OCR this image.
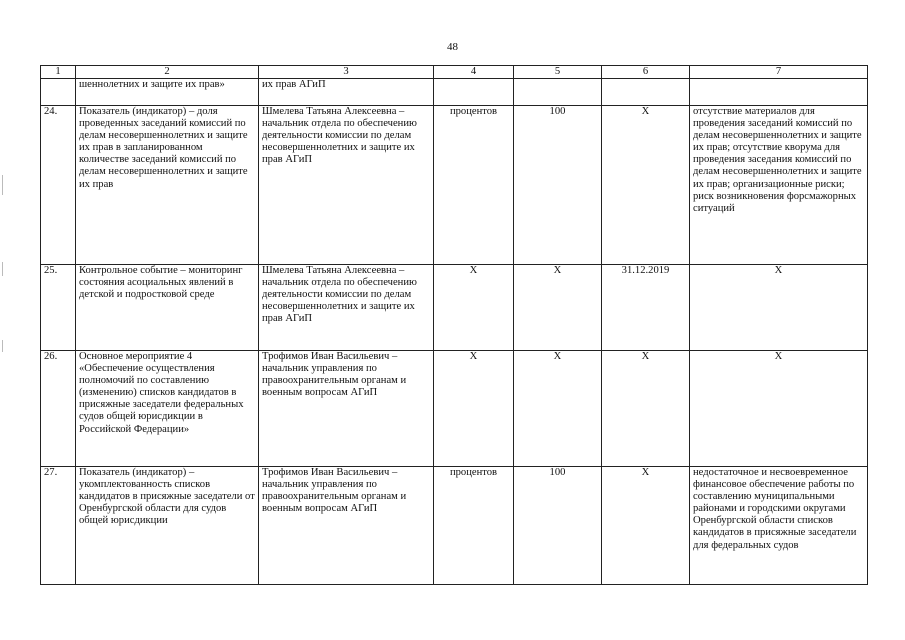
48
1	2	3	4	5	6	7
	шеннолетних и защите их прав»	их прав АГиП				
24.	Показатель (индикатор) – доля проведенных заседаний комиссий по делам несовершеннолетних и защите их прав в запланированном количестве заседаний комиссий по делам несовершеннолетних и защите их прав	Шмелева Татьяна Алексеевна – начальник отдела по обеспечению деятельности комиссии по делам несовершеннолетних и защите их прав АГиП	процентов	100	Х	отсутствие материалов для проведения заседаний комиссий по делам несовершеннолетних и защите их прав; отсутствие кворума для проведения заседания комиссий по делам несовершеннолетних и защите их прав; организационные риски; риск возникновения форсмажорных ситуаций
25.	Контрольное событие – мониторинг состояния асоциальных явлений в детской и подростковой среде	Шмелева Татьяна Алексеевна – начальник отдела по обеспечению деятельности комиссии по делам несовершеннолетних и защите их прав АГиП	Х	Х	31.12.2019	Х
26.	Основное мероприятие 4 «Обеспечение осуществления полномочий по составлению (изменению) списков кандидатов в присяжные заседатели федеральных судов общей юрисдикции в Российской Федерации»	Трофимов Иван Васильевич – начальник управления по правоохранительным органам и военным вопросам АГиП	Х	Х	Х	Х
27.	Показатель (индикатор) – укомплектованность списков кандидатов в присяжные заседатели от Оренбургской области для судов общей юрисдикции	Трофимов Иван Васильевич – начальник управления по правоохранительным органам и военным вопросам АГиП	процентов	100	Х	недостаточное и несвоевременное финансовое обеспечение работы по составлению муниципальными районами и городскими округами Оренбургской области списков кандидатов в присяжные заседатели для федеральных судов
